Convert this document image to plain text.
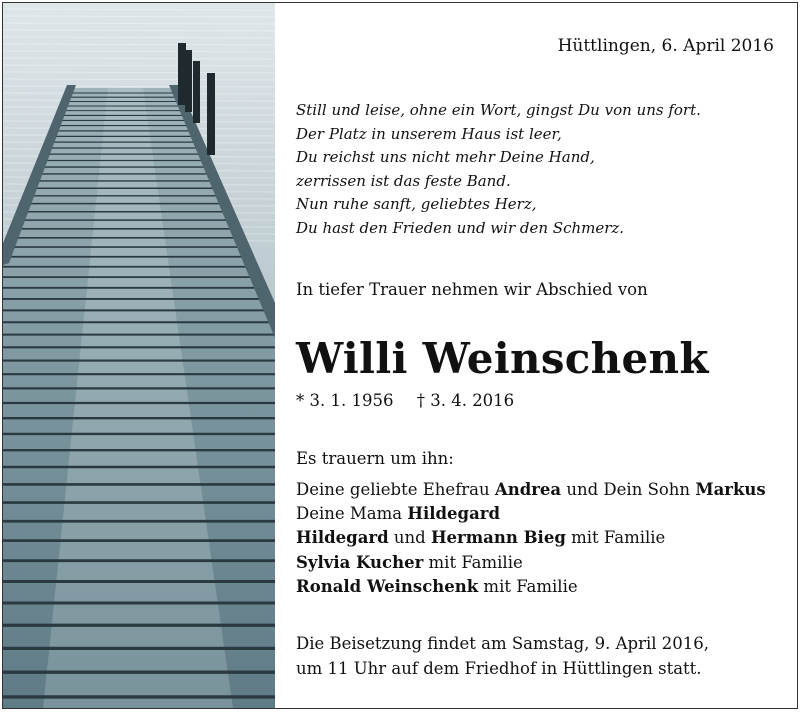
Hüttlingen, 6. April 2016
Still und leise, ohne ein Wort, gingst Du von uns fort.
Der Platz in unserem Haus ist leer,
Du reichst uns nicht mehr Deine Hand,
zerrissen ist das feste Band.
Nun ruhe sanft, geliebtes Herz,
Du hast den Frieden und wir den Schmerz.
In tiefer Trauer nehmen wir Abschied von
Willi Weinschenk
* 3. 1. 1956 † 3. 4. 2016
Es trauern um ihn:
Deine geliebte Ehefrau Andrea und Dein Sohn Markus
Deine Mama Hildegard
Hildegard und Hermann Bieg mit Familie
Sylvia Kucher mit Familie
Ronald Weinschenk mit Familie
Die Beisetzung findet am Samstag, 9. April 2016,
um 11 Uhr auf dem Friedhof in Hüttlingen statt.
